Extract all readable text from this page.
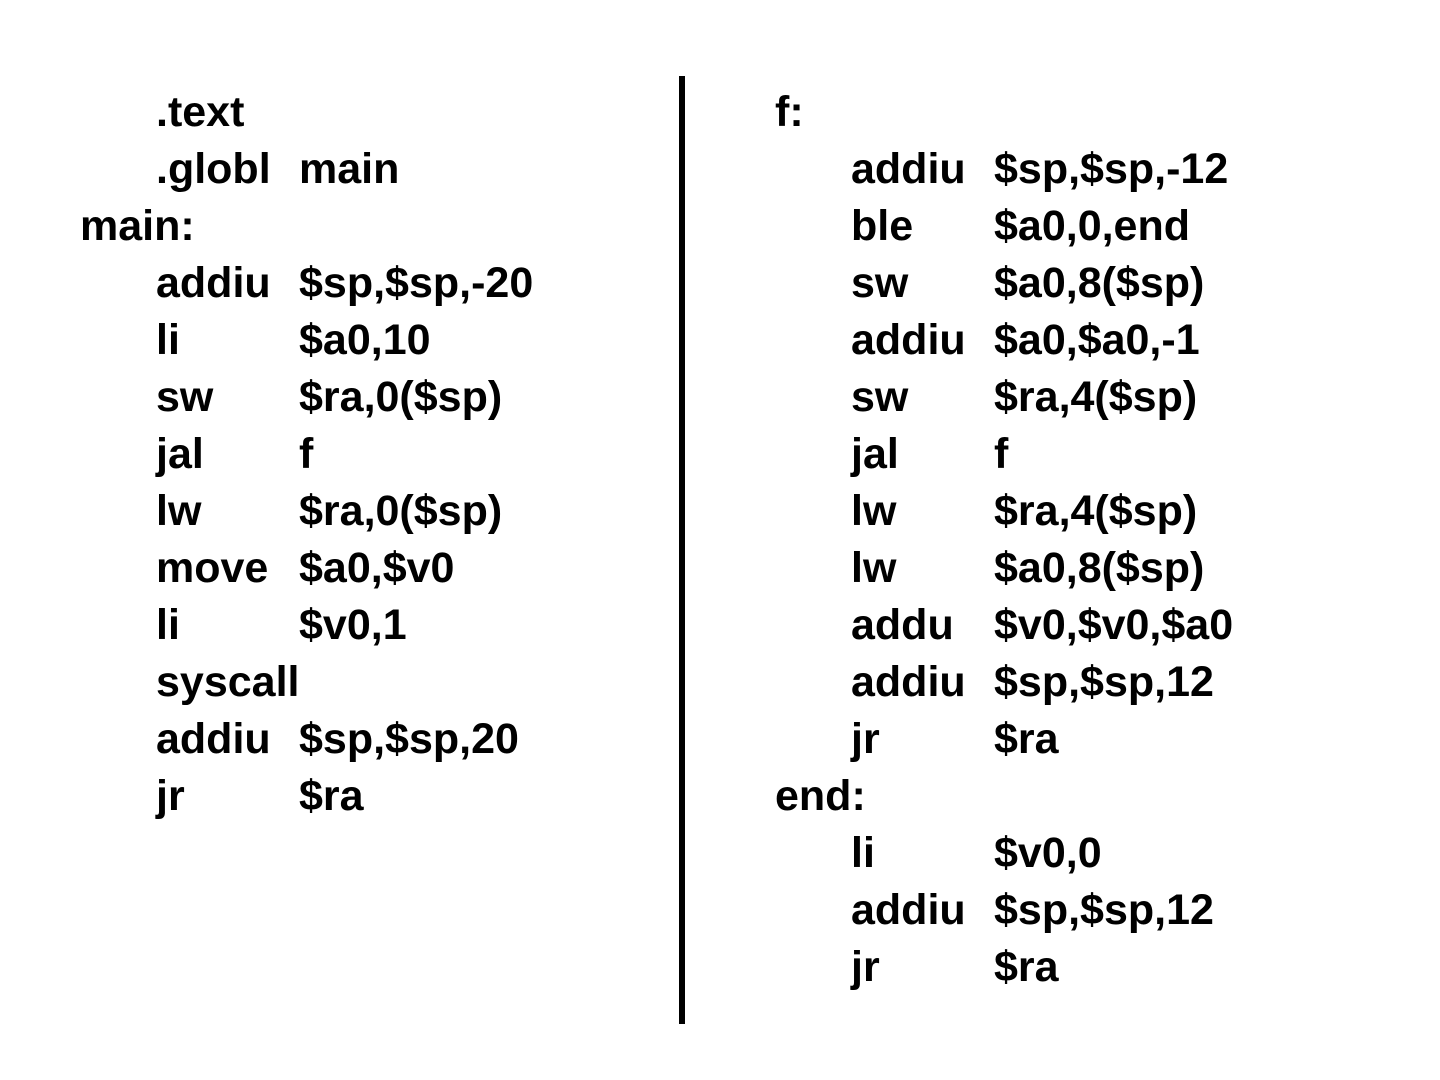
.text
.globl main
main:
addiu $sp,$sp,-20
li	$a0,10
sw	$ra,0($sp)
jal	f
lw	$ra,0($sp)
move $a0,$v0
li	$v0,1
syscall
addiu $sp,$sp,20
jr	$ra
f:
addiu $sp,$sp,-12
ble	$a0,0,end
sw	$a0,8($sp)
addiu $a0,$a0,-1
sw	$ra,4($sp)
jal	f
lw	$ra,4($sp)
lw	$a0,8($sp)
addu $v0,$v0,$a0
addiu $sp,$sp,12
jr	$ra
end:
li	$v0,0
addiu $sp,$sp,12
jr	$ra
